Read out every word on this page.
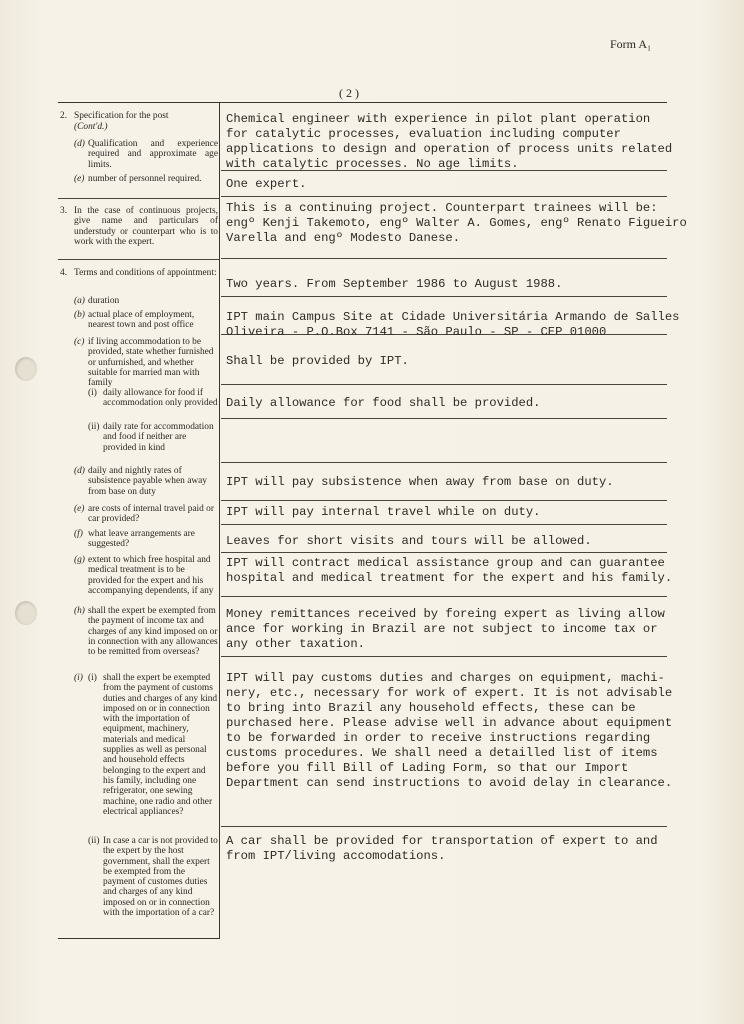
Form A₁
( 2 )
2. Specification for the post
(Cont'd.)
(d) Qualification and experience required and approximate age limits.
(e) number of personnel required.
Chemical engineer with experience in pilot plant operation
for catalytic processes, evaluation including computer
applications to design and operation of process units related
with catalytic processes. No age limits.
One expert.
3. In the case of continuous projects, give name and particulars of understudy or counterpart who is to work with the expert.
This is a continuing project. Counterpart trainees will be:
engº Kenji Takemoto, engº Walter A. Gomes, engº Renato Figueiro
Varella and engº Modesto Danese.
4. Terms and conditions of appointment:
(a) duration
Two years. From September 1986 to August 1988.
(b) actual place of employment, nearest town and post office
IPT main Campus Site at Cidade Universitária Armando de Salles
Oliveira - P.O.Box 7141 - São Paulo - SP - CEP 01000
(c) if living accommodation to be provided, state whether furnished or unfurnished, and whether suitable for married man with family
Shall be provided by IPT.
(i) daily allowance for food if accommodation only provided Daily allowance for food shall be provided.
(ii) daily rate for accommodation and food if neither are provided in kind
(d) daily and nightly rates of subsistence payable when away from base on duty
IPT will pay subsistence when away from base on duty.
(e) are costs of internal travel paid or car provided?
IPT will pay internal travel while on duty.
(f) what leave arrangements are suggested?	Leaves for short visits and tours will be allowed.
(g) extent to which free hospital and medical treatment is to be provided for the expert and his accompanying dependents, if any
IPT will contract medical assistance group and can guarantee
hospital and medical treatment for the expert and his family.
(h) shall the expert be exempted from the payment of income tax and charges of any kind imposed on or in connection with any allowances to be remitted from overseas?
Money remittances received by foreing expert as living allow
ance for working in Brazil are not subject to income tax or
any other taxation.
(i) (i) shall the expert be exempted from the payment of customs duties and charges of any kind imposed on or in connection with the importation of equipment, machinery, materials and medical supplies as well as personal and household effects belonging to the expert and his family, including one refrigerator, one sewing machine, one radio and other electrical appliances?
IPT will pay customs duties and charges on equipment, machi-
nery, etc., necessary for work of expert. It is not advisable
to bring into Brazil any household effects, these can be
purchased here. Please advise well in advance about equipment
to be forwarded in order to receive instructions regarding
customs procedures. We shall need a detailled list of items
before you fill Bill of Lading Form, so that our Import
Department can send instructions to avoid delay in clearance.
(ii) In case a car is not provided to the expert by the host government, shall the expert be exempted from the payment of customes duties and charges of any kind imposed on or in connection with the importation of a car?
A car shall be provided for transportation of expert to and
from IPT/living accomodations.
